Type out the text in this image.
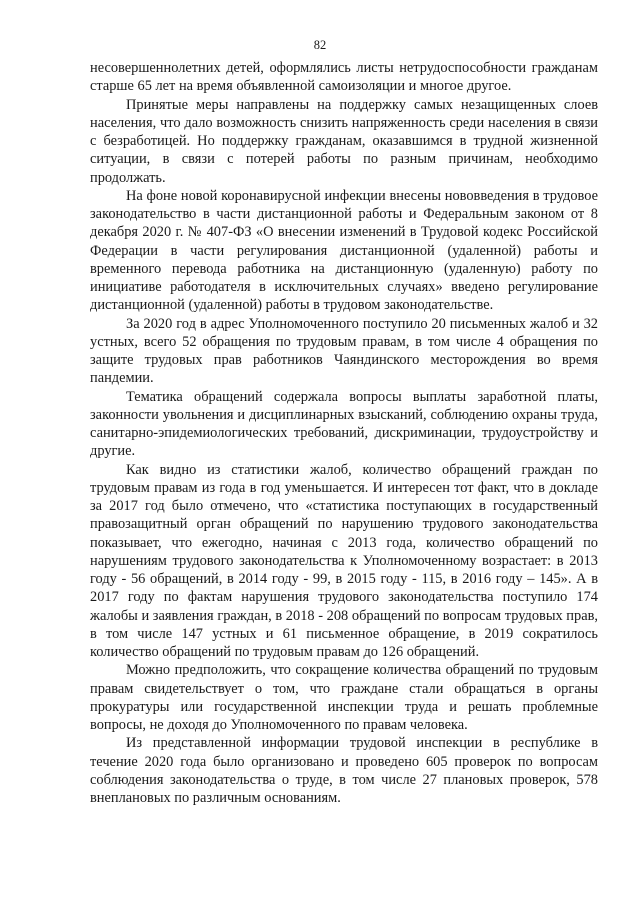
82

несовершеннолетних детей, оформлялись листы нетрудоспособности гражданам старше 65 лет на время объявленной самоизоляции и многое другое.

Принятые меры направлены на поддержку самых незащищенных слоев населения, что дало возможность снизить напряженность среди населения в связи с безработицей. Но поддержку гражданам, оказавшимся в трудной жизненной ситуации, в связи с потерей работы по разным причинам, необходимо продолжать.

На фоне новой коронавирусной инфекции внесены нововведения в трудовое законодательство в части дистанционной работы и Федеральным законом от 8 декабря 2020 г. № 407-ФЗ «О внесении изменений в Трудовой кодекс Российской Федерации в части регулирования дистанционной (удаленной) работы и временного перевода работника на дистанционную (удаленную) работу по инициативе работодателя в исключительных случаях» введено регулирование дистанционной (удаленной) работы в трудовом законодательстве.

За 2020 год в адрес Уполномоченного поступило 20 письменных жалоб и 32 устных, всего 52 обращения по трудовым правам, в том числе 4 обращения по защите трудовых прав работников Чаяндинского месторождения во время пандемии.

Тематика обращений содержала вопросы выплаты заработной платы, законности увольнения и дисциплинарных взысканий, соблюдению охраны труда, санитарно-эпидемиологических требований, дискриминации, трудоустройству и другие.

Как видно из статистики жалоб, количество обращений граждан по трудовым правам из года в год уменьшается. И интересен тот факт, что в докладе за 2017 год было отмечено, что «статистика поступающих в государственный правозащитный орган обращений по нарушению трудового законодательства показывает, что ежегодно, начиная с 2013 года, количество обращений по нарушениям трудового законодательства к Уполномоченному возрастает: в 2013 году - 56 обращений, в 2014 году - 99, в 2015 году - 115, в 2016 году – 145». А в 2017 году по фактам нарушения трудового законодательства поступило 174 жалобы и заявления граждан, в 2018 - 208 обращений по вопросам трудовых прав, в том числе 147 устных и 61 письменное обращение, в 2019 сократилось количество обращений по трудовым правам до 126 обращений.

Можно предположить, что сокращение количества обращений по трудовым правам свидетельствует о том, что граждане стали обращаться в органы прокуратуры или государственной инспекции труда и решать проблемные вопросы, не доходя до Уполномоченного по правам человека.

Из представленной информации трудовой инспекции в республике в течение 2020 года было организовано и проведено 605 проверок по вопросам соблюдения законодательства о труде, в том числе 27 плановых проверок, 578 внеплановых по различным основаниям.
